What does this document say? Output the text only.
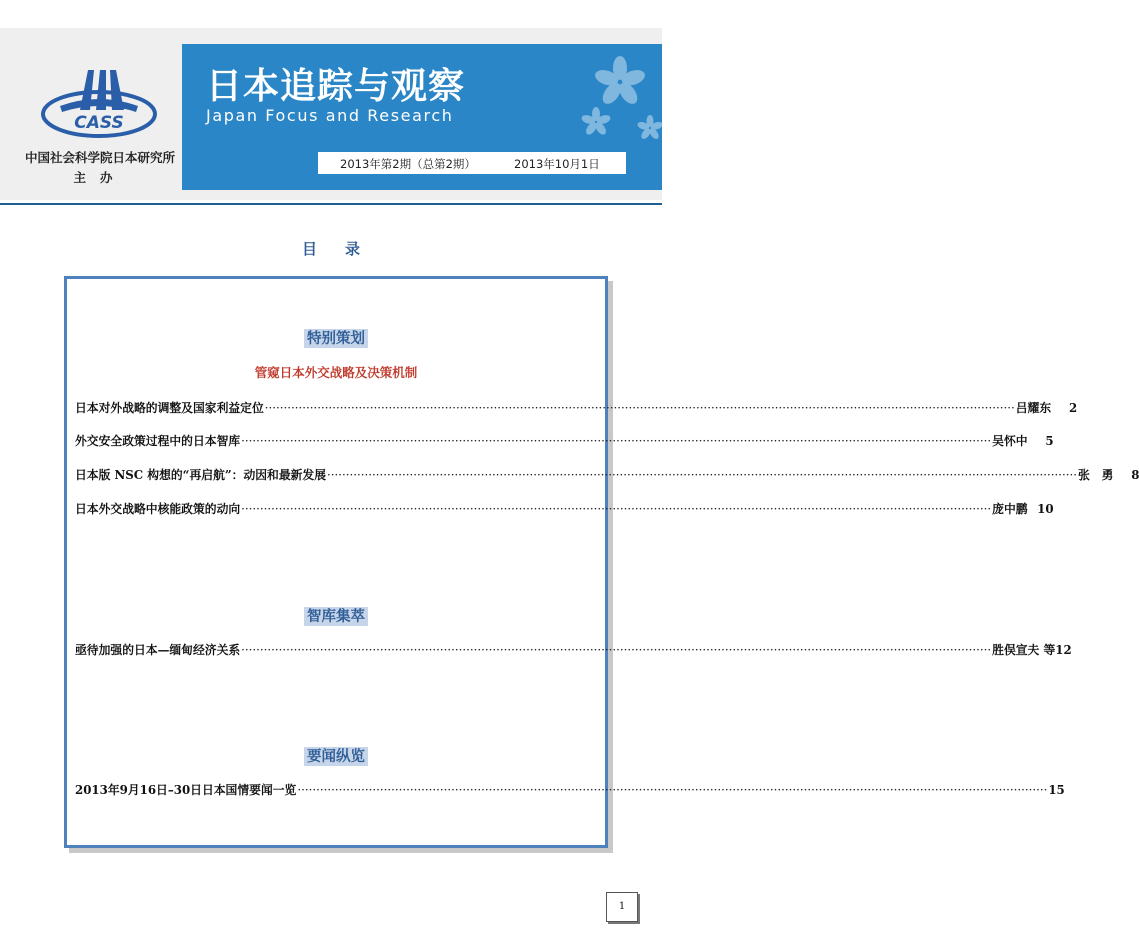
CASS
中国社会科学院日本研究所
主办
日本追踪与观察
Japan Focus and Research
2013年第2期（总第2期）	2013年10月1日
目录
特别策划
管窥日本外交战略及决策机制
日本对外战略的调整及国家利益定位 ········································································································································································································ 吕耀东	2
外交安全政策过程中的日本智库 ········································································································································································································ 吴怀中	5
日本版 NSC 构想的“再启航”：动因和最新发展 ········································································································································································································ 张　勇	8
日本外交战略中核能政策的动向 ········································································································································································································ 庞中鹏 10
智库集萃
亟待加强的日本—缅甸经济关系 ········································································································································································································ 胜俣宣夫 等 12
要闻纵览
2013年9月16日–30日日本国情要闻一览 ········································································································································································································ 15
1
